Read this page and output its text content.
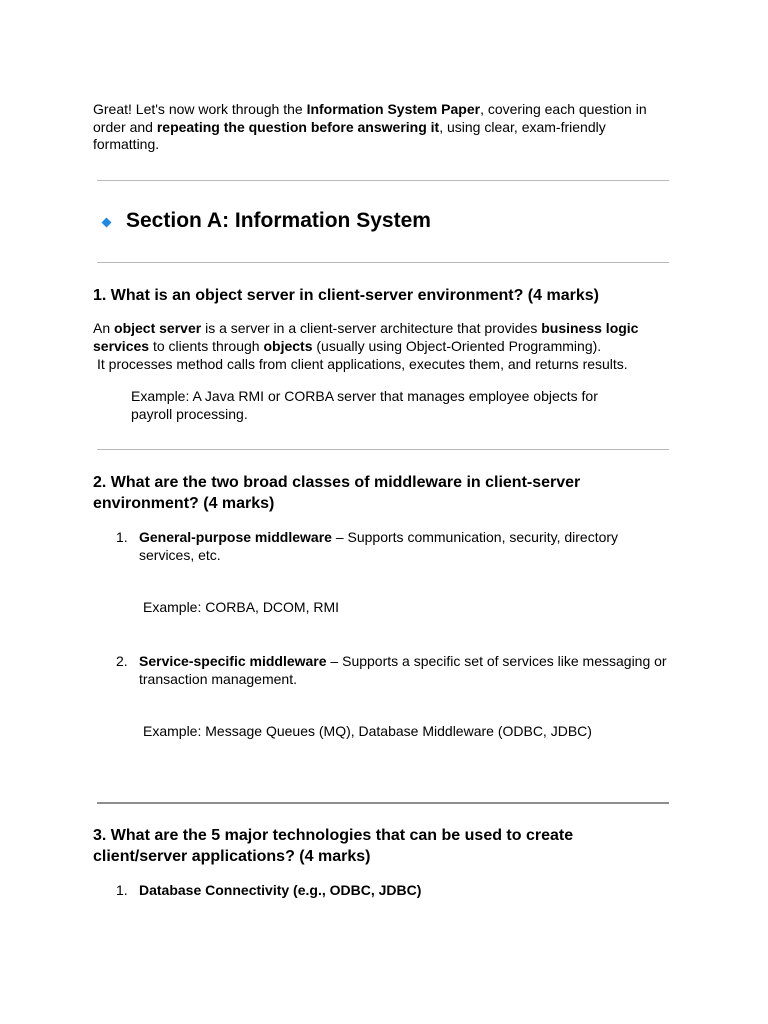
Great! Let's now work through the Information System Paper, covering each question in order and repeating the question before answering it, using clear, exam-friendly formatting.
Section A: Information System
1. What is an object server in client-server environment? (4 marks)
An object server is a server in a client-server architecture that provides business logic services to clients through objects (usually using Object-Oriented Programming).
It processes method calls from client applications, executes them, and returns results.
Example: A Java RMI or CORBA server that manages employee objects for payroll processing.
2. What are the two broad classes of middleware in client-server environment? (4 marks)
1. General-purpose middleware – Supports communication, security, directory services, etc.
Example: CORBA, DCOM, RMI
2. Service-specific middleware – Supports a specific set of services like messaging or transaction management.
Example: Message Queues (MQ), Database Middleware (ODBC, JDBC)
3. What are the 5 major technologies that can be used to create client/server applications? (4 marks)
1. Database Connectivity (e.g., ODBC, JDBC)
